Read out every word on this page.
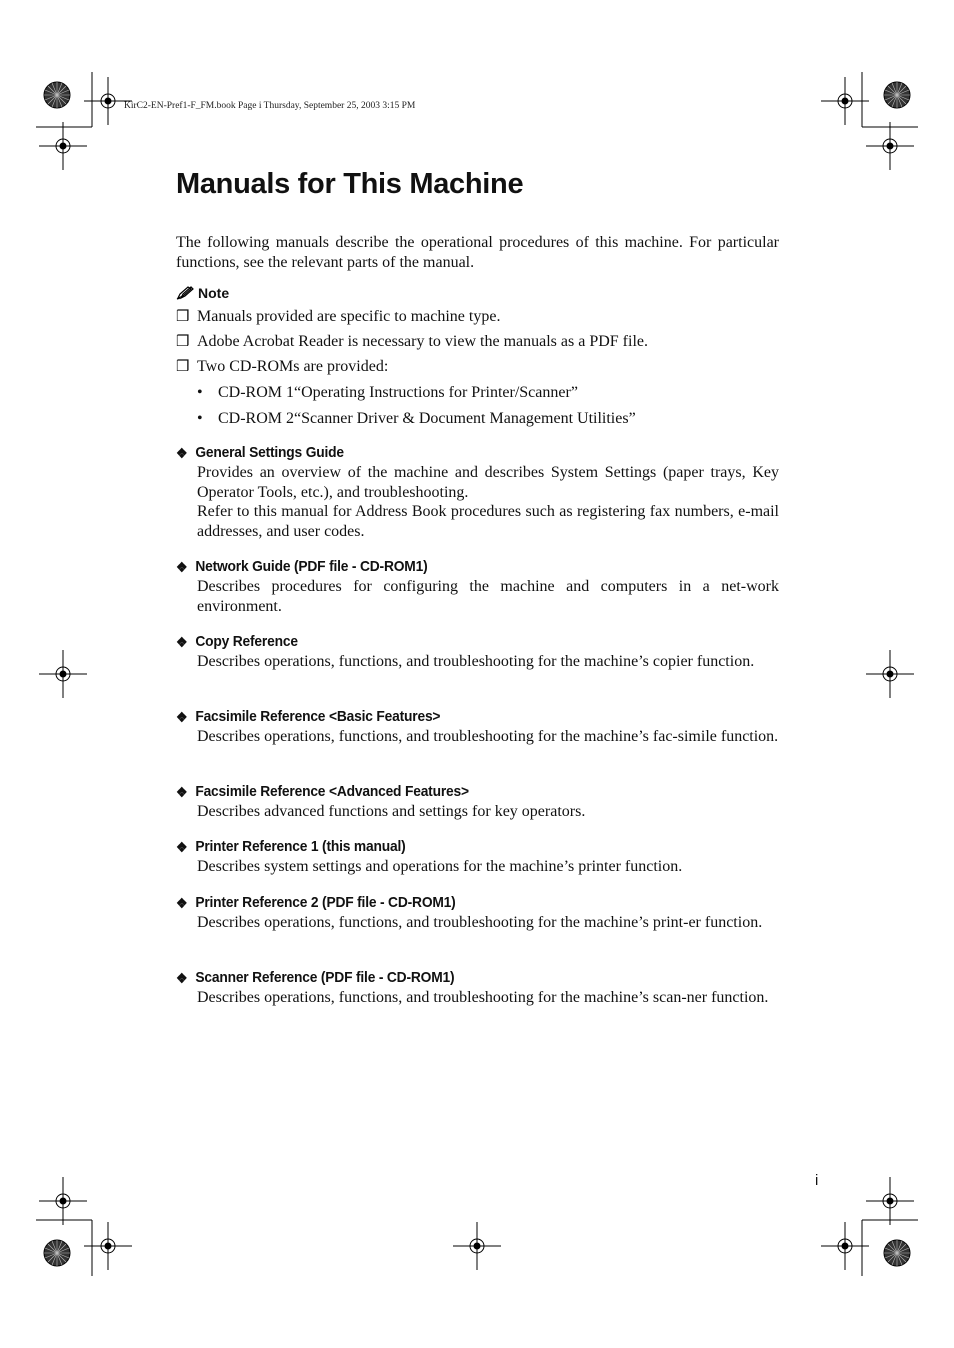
KirC2-EN-Pref1-F_FM.book Page i Thursday, September 25, 2003 3:15 PM
Manuals for This Machine

The following manuals describe the operational procedures of this machine. For particular functions, see the relevant parts of the manual.

Note
❒ Manuals provided are specific to machine type.
❒ Adobe Acrobat Reader is necessary to view the manuals as a PDF file.
❒ Two CD-ROMs are provided:
• CD-ROM 1“Operating Instructions for Printer/Scanner”
• CD-ROM 2“Scanner Driver & Document Management Utilities”
❖ General Settings Guide
Provides an overview of the machine and describes System Settings (paper trays, Key Operator Tools, etc.), and troubleshooting.
Refer to this manual for Address Book procedures such as registering fax numbers, e-mail addresses, and user codes.
❖ Network Guide (PDF file - CD-ROM1)
Describes procedures for configuring the machine and computers in a net-work environment.
❖ Copy Reference
Describes operations, functions, and troubleshooting for the machine’s copier function.
❖ Facsimile Reference <Basic Features>
Describes operations, functions, and troubleshooting for the machine’s fac-simile function.
❖ Facsimile Reference <Advanced Features>
Describes advanced functions and settings for key operators.
❖ Printer Reference 1 (this manual)
Describes system settings and operations for the machine’s printer function.
❖ Printer Reference 2 (PDF file - CD-ROM1)
Describes operations, functions, and troubleshooting for the machine’s print-er function.
❖ Scanner Reference (PDF file - CD-ROM1)
Describes operations, functions, and troubleshooting for the machine’s scan-ner function.
i
